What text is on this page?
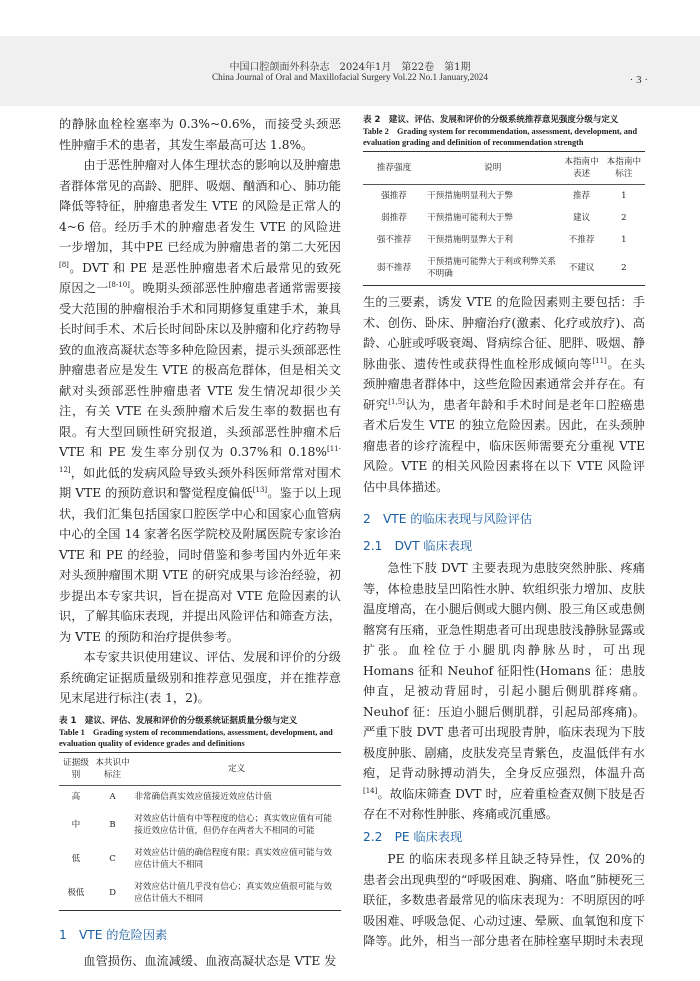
中国口腔颌面外科杂志　2024年1月　第22卷　第1期
China Journal of Oral and Maxillofacial Surgery Vol.22 No.1 January,2024	· 3 ·

的静脉血栓栓塞率为 0.3%~0.6%，而接受头颈恶性肿瘤手术的患者，其发生率最高可达 1.8%。

由于恶性肿瘤对人体生理状态的影响以及肿瘤患者群体常见的高龄、肥胖、吸烟、酗酒和心、肺功能降低等特征，肿瘤患者发生 VTE 的风险是正常人的 4~6 倍。经历手术的肿瘤患者发生 VTE 的风险进一步增加，其中PE 已经成为肿瘤患者的第二大死因[8]。DVT 和 PE 是恶性肿瘤患者术后最常见的致死原因之一[8-10]。晚期头颈部恶性肿瘤患者通常需要接受大范围的肿瘤根治手术和同期修复重建手术，兼具长时间手术、术后长时间卧床以及肿瘤和化疗药物导致的血液高凝状态等多种危险因素，提示头颈部恶性肿瘤患者应是发生 VTE 的极高危群体，但是相关文献对头颈部恶性肿瘤患者 VTE 发生情况却很少关注，有关 VTE 在头颈肿瘤术后发生率的数据也有限。有大型回顾性研究报道，头颈部恶性肿瘤术后 VTE 和 PE 发生率分别仅为 0.37%和 0.18%[11-12]，如此低的发病风险导致头颈外科医师常常对围术期 VTE 的预防意识和警觉程度偏低[13]。鉴于以上现状，我们汇集包括国家口腔医学中心和国家心血管病中心的全国 14 家著名医学院校及附属医院专家诊治 VTE 和 PE 的经验，同时借鉴和参考国内外近年来对头颈肿瘤围术期 VTE 的研究成果与诊治经验，初步提出本专家共识，旨在提高对 VTE 危险因素的认识，了解其临床表现，并提出风险评估和筛查方法，为 VTE 的预防和治疗提供参考。

本专家共识使用建议、评估、发展和评价的分级系统确定证据质量级别和推荐意见强度，并在推荐意见末尾进行标注(表 1，2)。

表 1　建议、评估、发展和评价的分级系统证据质量分级与定义
Table 1　Grading system of recommendations, assessment, development, and evaluation quality of evidence grades and definitions
证据级别	本共识中标注	定义
高	A	非常确信真实效应值接近效应估计值
中	B	对效应估计值有中等程度的信心；真实效应值有可能接近效应估计值，但仍存在两者大不相同的可能
低	C	对效应估计值的确信程度有限；真实效应值可能与效应估计值大不相同
极低	D	对效应估计值几乎没有信心；真实效应值很可能与效应估计值大不相同
1　VTE 的危险因素

血管损伤、血流减缓、血液高凝状态是 VTE 发

表 2　建议、评估、发展和评价的分级系统推荐意见强度分级与定义
Table 2　Grading system for recommendation, assessment, development, and evaluation grading and definition of recommendation strength
推荐强度	说明	本指南中表述	本指南中标注
强推荐	干预措施明显利大于弊	推荐	1
弱推荐	干预措施可能利大于弊	建议	2
强不推荐	干预措施明显弊大于利	不推荐	1
弱不推荐	干预措施可能弊大于利或利弊关系不明确	不建议	2

生的三要素，诱发 VTE 的危险因素则主要包括：手术、创伤、卧床、肿瘤治疗(激素、化疗或放疗)、高龄、心脏或呼吸衰竭、肾病综合征、肥胖、吸烟、静脉曲张、遗传性或获得性血栓形成倾向等[11]。在头颈肿瘤患者群体中，这些危险因素通常会并存在。有研究[1,5]认为，患者年龄和手术时间是老年口腔癌患者术后发生 VTE 的独立危险因素。因此，在头颈肿瘤患者的诊疗流程中，临床医师需要充分重视 VTE 风险。VTE 的相关风险因素将在以下 VTE 风险评估中具体描述。

2　VTE 的临床表现与风险评估
2.1　DVT 临床表现

急性下肢 DVT 主要表现为患肢突然肿胀、疼痛等，体检患肢呈凹陷性水肿、软组织张力增加、皮肤温度增高，在小腿后侧或大腿内侧、股三角区或患侧髂窝有压痛，亚急性期患者可出现患肢浅静脉显露或扩张。血栓位于小腿肌肉静脉丛时，可出现 Homans 征和 Neuhof 征阳性(Homans 征：患肢伸直，足被动背屈时，引起小腿后侧肌群疼痛。Neuhof 征：压迫小腿后侧肌群，引起局部疼痛)。严重下肢 DVT 患者可出现股青肿，临床表现为下肢极度肿胀、剧痛，皮肤发亮呈青紫色，皮温低伴有水疱，足背动脉搏动消失，全身反应强烈，体温升高[14]。故临床筛查 DVT 时，应着重检查双侧下肢是否存在不对称性肿胀、疼痛或沉重感。

2.2　PE 临床表现

PE 的临床表现多样且缺乏特异性，仅 20%的患者会出现典型的“呼吸困难、胸痛、咯血”肺梗死三联征，多数患者最常见的临床表现为：不明原因的呼吸困难、呼吸急促、心动过速、晕厥、血氧饱和度下降等。此外，相当一部分患者在肺栓塞早期时未表现
